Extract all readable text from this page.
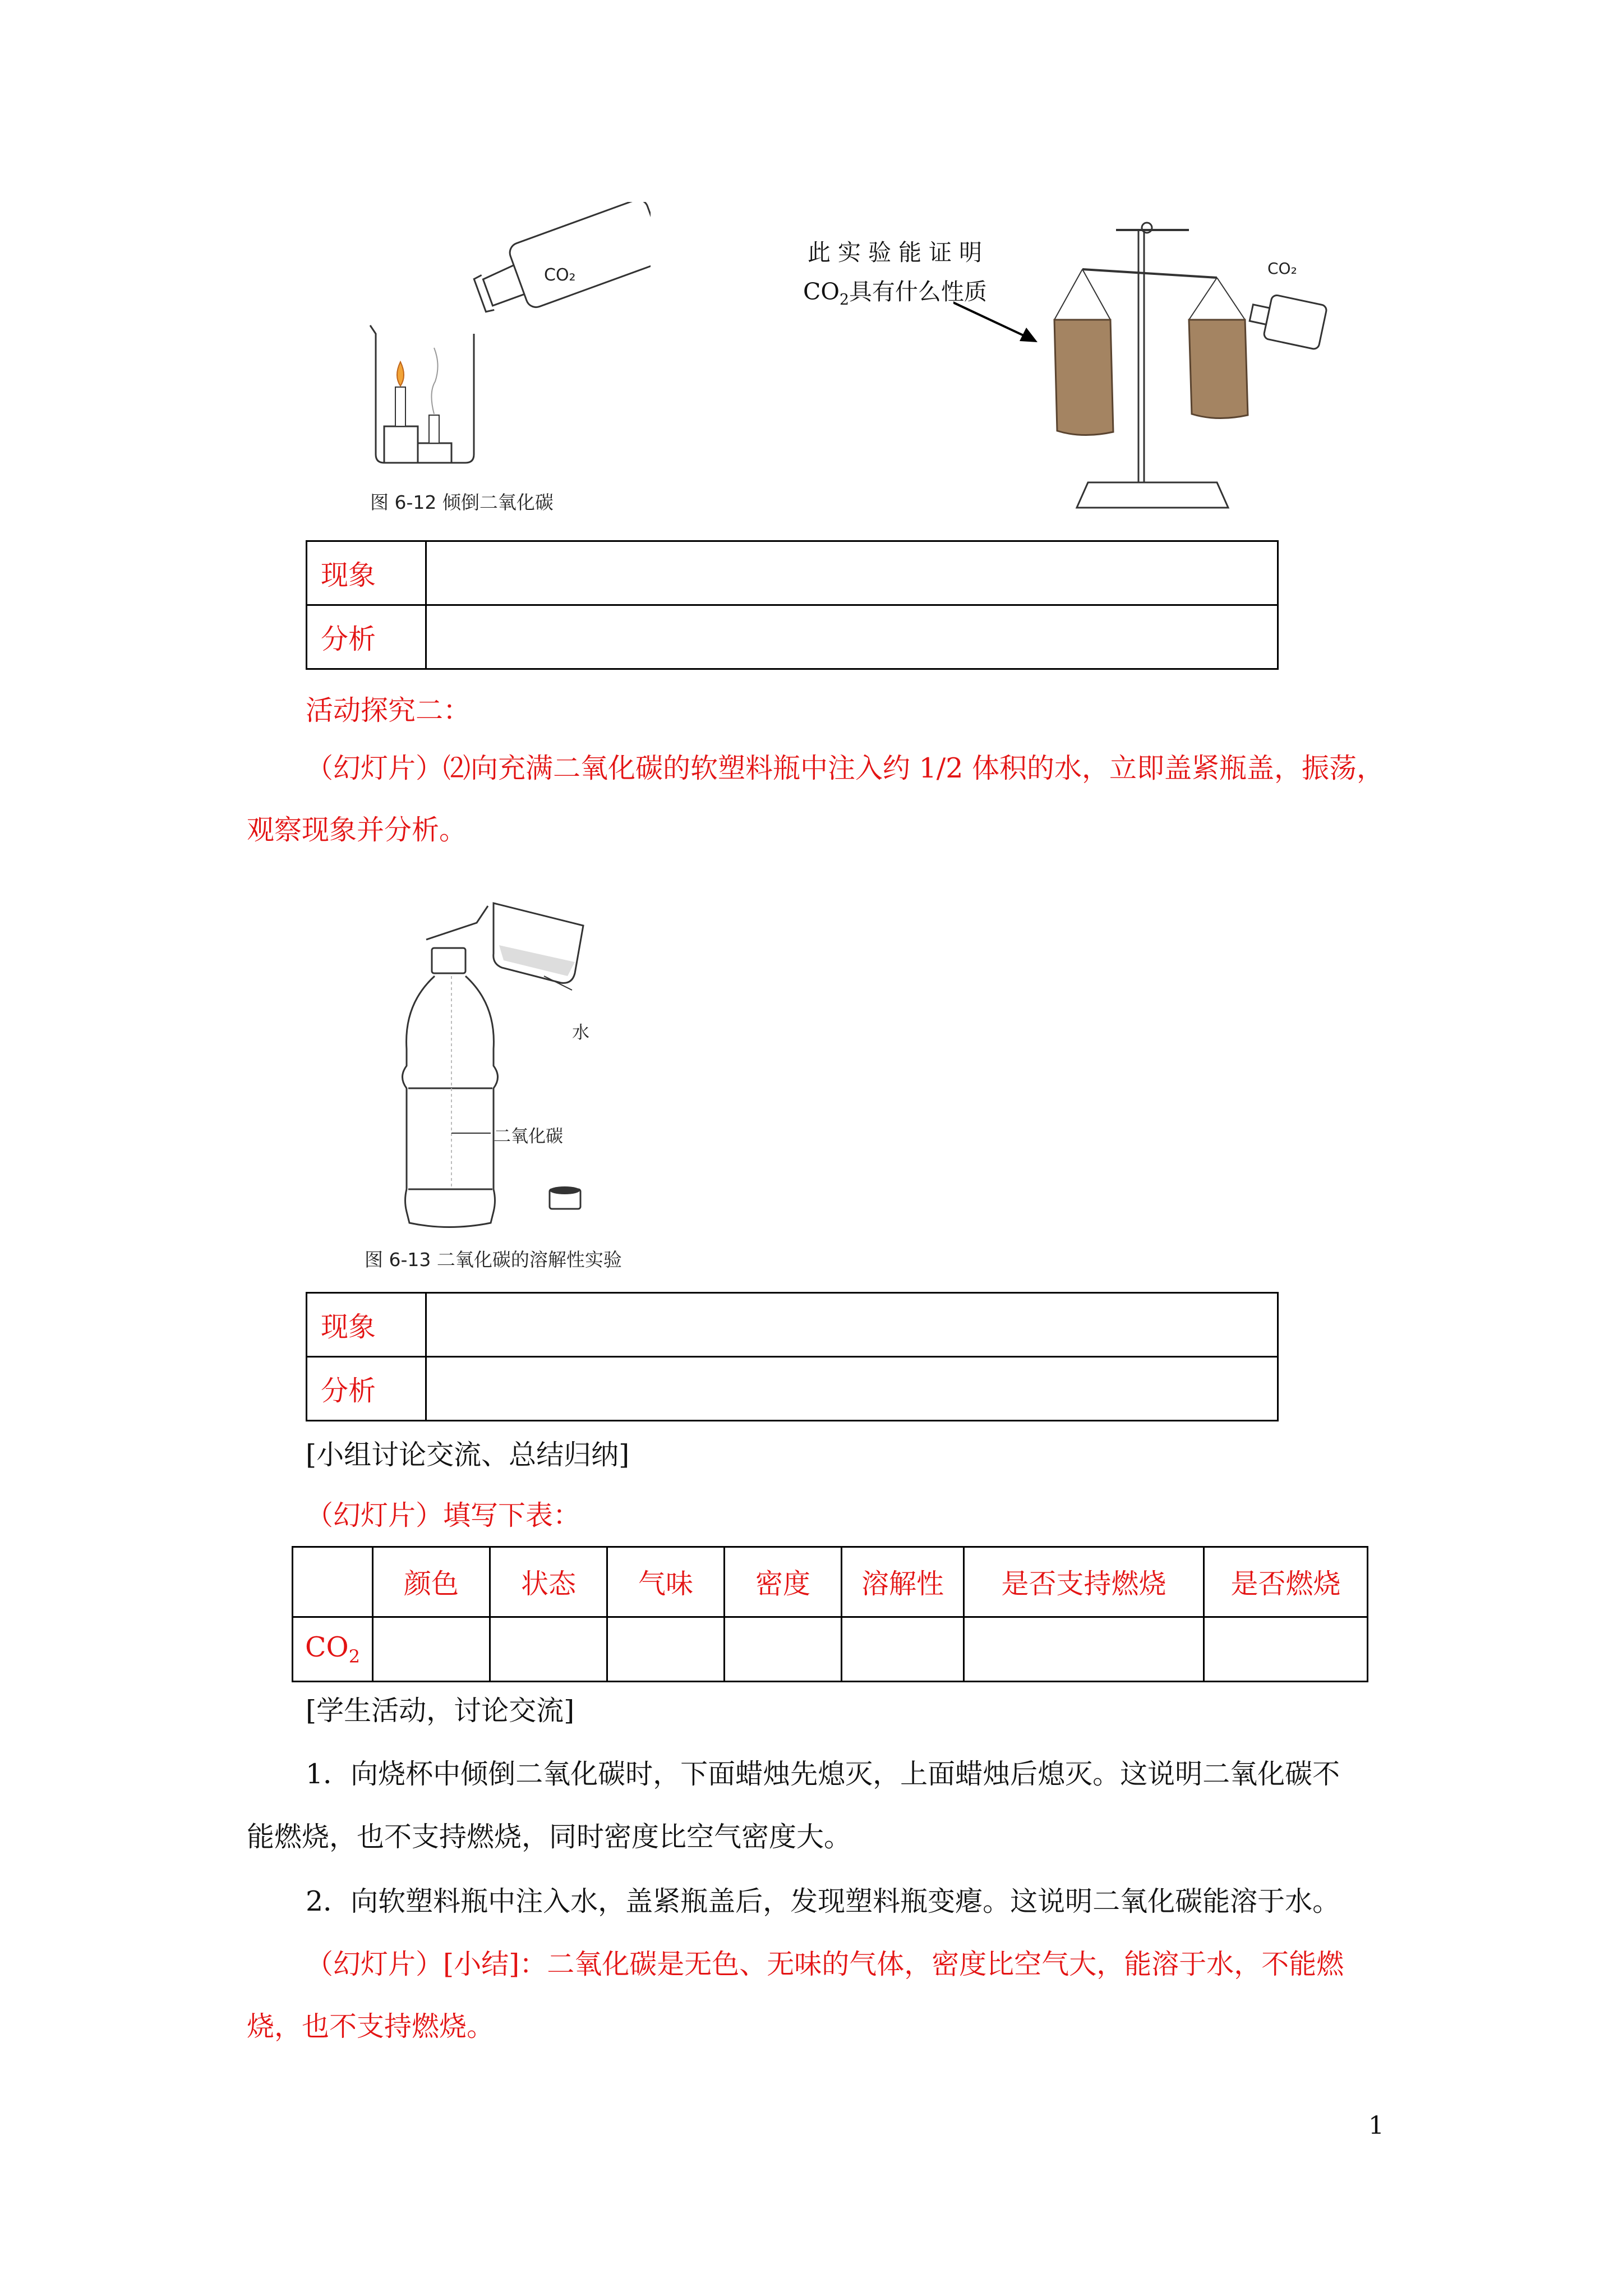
CO₂
图 6-12 倾倒二氧化碳
此 实 验 能 证 明
$CO_2$具有什么性质
CO₂
现象	
分析	
活动探究二：
（幻灯片）⑵向充满二氧化碳的软塑料瓶中注入约 1/2 体积的水，立即盖紧瓶盖，振荡，
观察现象并分析。
水
二氧化碳
图 6-13 二氧化碳的溶解性实验
现象	
分析	
[小组讨论交流、总结归纳]
（幻灯片）填写下表：
	颜色	状态	气味	密度	溶解性	是否支持燃烧	是否燃烧
$CO_2$							
[学生活动，讨论交流]
1．向烧杯中倾倒二氧化碳时，下面蜡烛先熄灭，上面蜡烛后熄灭。这说明二氧化碳不
能燃烧，也不支持燃烧，同时密度比空气密度大。
2．向软塑料瓶中注入水，盖紧瓶盖后，发现塑料瓶变瘪。这说明二氧化碳能溶于水。
（幻灯片）[小结]：二氧化碳是无色、无味的气体，密度比空气大，能溶于水，不能燃
烧，也不支持燃烧。
1
